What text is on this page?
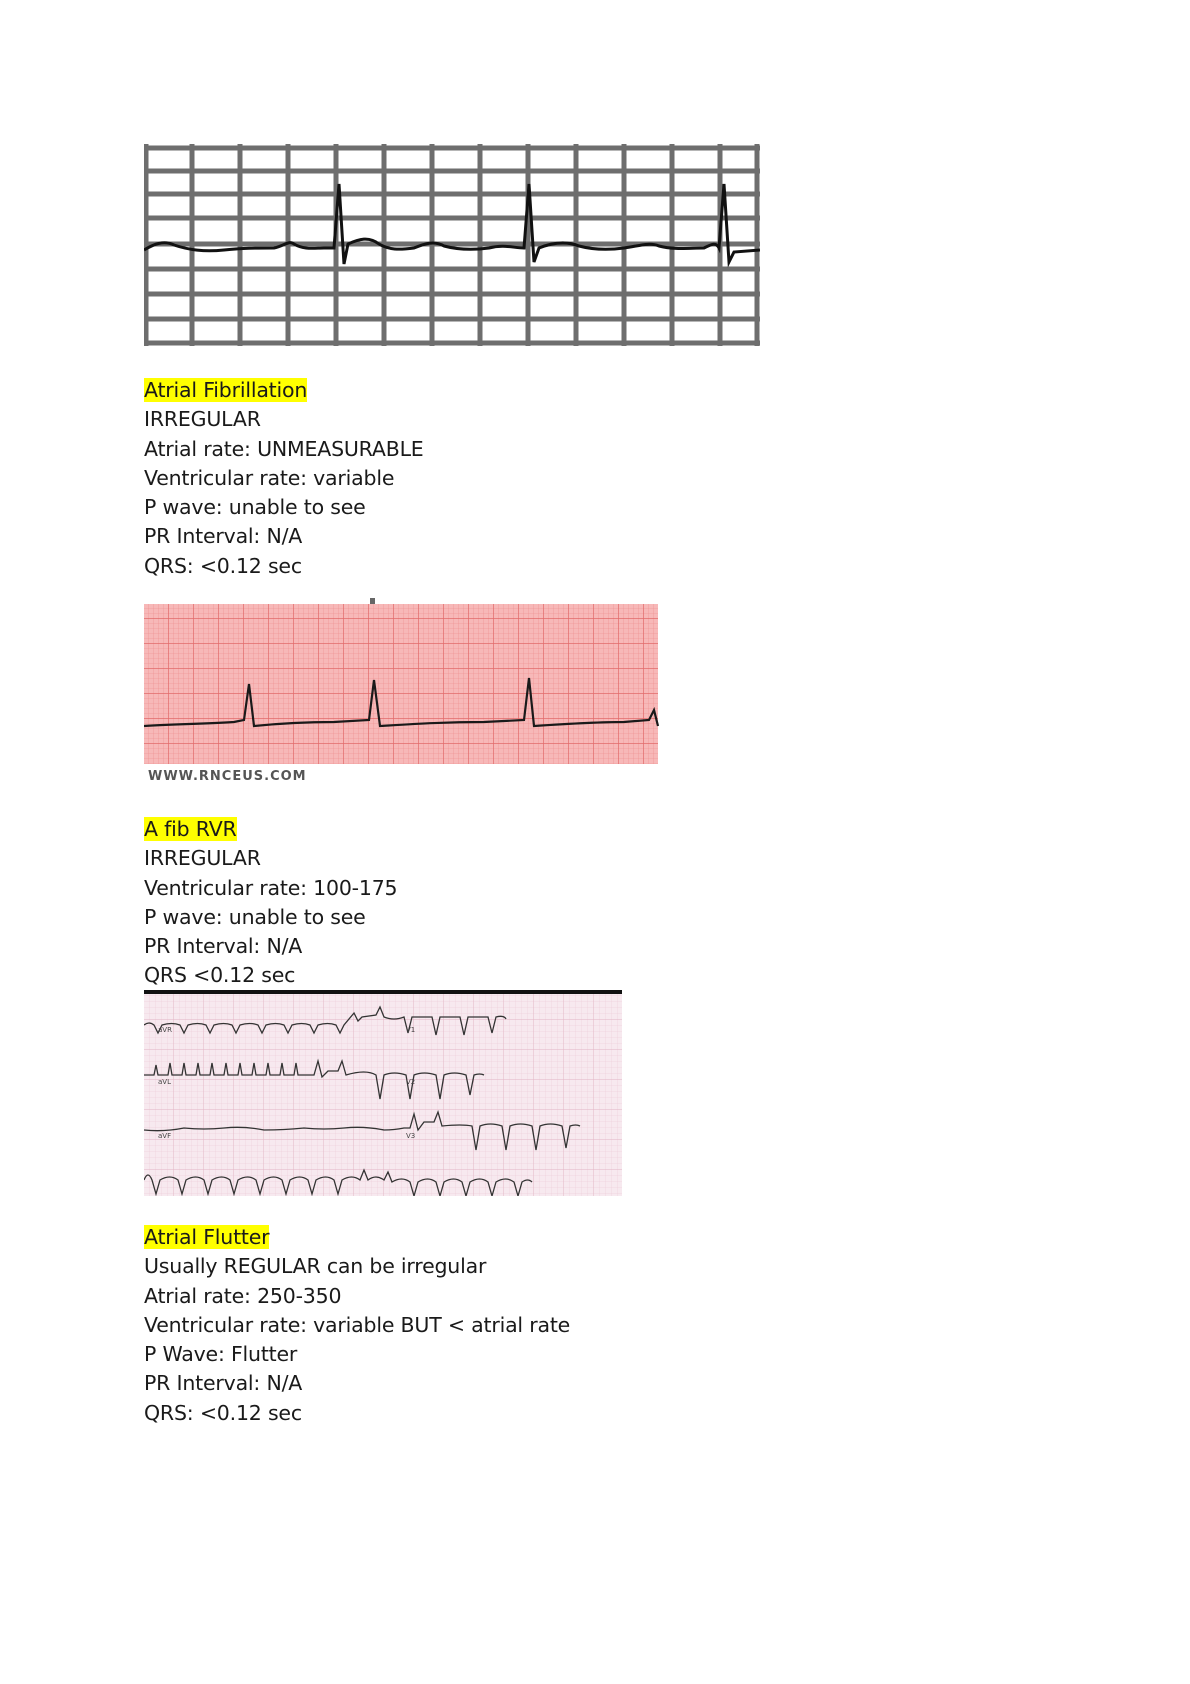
Atrial Fibrillation
IRREGULAR
Atrial rate: UNMEASURABLE
Ventricular rate: variable
P wave: unable to see
PR Interval: N/A
QRS: <0.12 sec
WWW.RNCEUS.COM
A fib RVR
IRREGULAR
Ventricular rate: 100-175
P wave: unable to see
PR Interval: N/A
QRS <0.12 sec
aVR	V1
aVL	V2
aVF	V3
Atrial Flutter
Usually REGULAR can be irregular
Atrial rate: 250-350
Ventricular rate: variable BUT < atrial rate
P Wave: Flutter
PR Interval: N/A
QRS: <0.12 sec
